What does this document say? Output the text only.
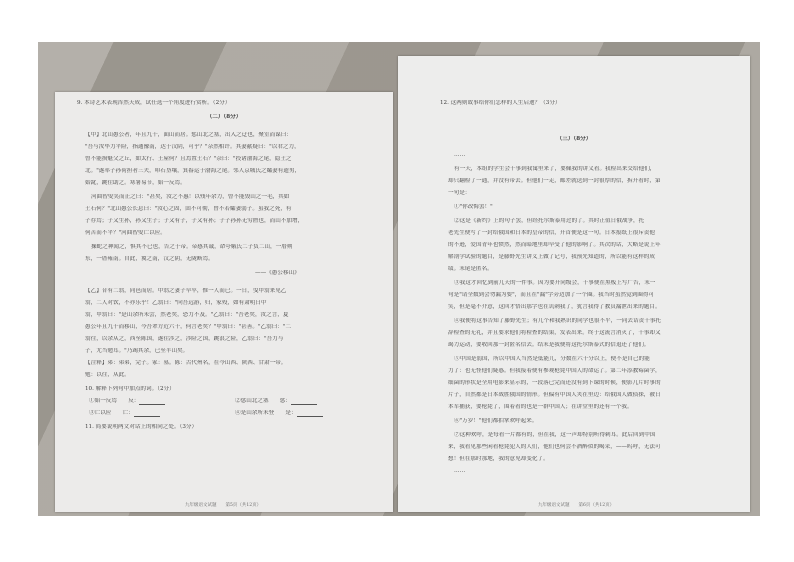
9. 本诗艺术表现浑然天成，试任选一个角度进行赏析。（2分）
（二）（8分）
【甲】北山愚公者，年且九十，面山而居。惩山北之塞，出入之迂也，聚室而谋曰：
"吾与汝毕力平险，指通豫南，达于汉阴，可乎？"杂然相许。其妻献疑曰："以君之力，
曾不能损魁父之丘，如太行、王屋何？且焉置土石？"杂曰："投诸渤海之尾，隐土之
北。"遂率子孙荷担者三夫，叩石垦壤，箕畚运于渤海之尾。邻人京城氏之孀妻有遗男，
始龀，跳往助之。寒暑易节，始一反焉。
河曲智叟笑而止之曰："甚矣，汝之不惠！以残年余力，曾不能毁山之一毛，其如
土石何？"北山愚公长息曰："汝心之固，固不可彻，曾不若孀妻弱子。虽我之死，有
子存焉；子又生孙，孙又生子；子又有子，子又有孙；子子孙孙无穷匮也，而山不加增，
何苦而不平？"河曲智叟亡以应。
操蛇之神闻之，惧其不已也，告之于帝。帝感其诚，命夸娥氏二子负二山，一厝朔
东，一厝雍南。自此，冀之南，汉之阴，无陇断焉。
——《愚公移山》
【乙】昔有二翁，同邑而居。甲翁之妻子早卒，惟一人而已。一日，曳甲翁来见乙
翁，二人对饮，不亦乐乎！乙翁曰："向吾远游，归，家殁，如有肃明日中
翁，甲翁曰："是山余所未尝，然老矣，恐力不及。"乙翁曰："吾老矣，汝之言，夏
愚公年且九十而移山，今吾辈方近六十，何言老矣？"甲翁曰："甚善。"乙翁曰："二
翁往，以余从之，西至陈国，遂往涉之，涉险之国，跳浪之险，乙翁曰："吾力与
子，尤当勉耳。"乃竭其余，已至半山矣。
【注释】弟：弟弟，完子。冢：墓。陈：古代州名，在今山西、陕西、甘肃一带。
勉：以往，从此。
10. 解释下列句中加点的词。（2分）
①始一反焉　　 反：	②惩山北之塞　　 惩：
③亡以应　　 亡：	④是山余所未登　　 是：
11. 简要说明两文对话上的相同之处。（3分）
九年级语文试题　　第5页（共12页）
12. 这两则故事给你们怎样的人生启迪？（3分）
（三）（8分）
……
有一天，本组的学生会干事到我寓里来了，要佩我的讲义看。我检出来交给他们，
却只翻检了一通，并没有带去。但他们一走，邮差就送到一封很厚的信，拆开看时，第
一句是：
①"你改悔罢！"
②这是《新约》上的句子罢，但经托尔斯泰用过的了。其时正值日俄战争，托
老先生便写了一封给俄国和日本的皇帝的信，开首便是这一句。日本报纸上很斥责他
的不逊，爱国青年也愤然，然而暗地里却早受了他的影响了。其次的话，大略是说上年
解剖学试验的题目，是藤野先生讲义上做了记号，我预先知道的，所以能有这样的成
绩。末尾是匿名。
③我这才回忆到前几天的一件事。因为要开同级会，干事便在黑板上写广告，末一
句是"请全数到会勿漏为要"，而且在"漏"字旁边加了一个圈。我当时虽然觉到圈得可
笑，但是毫不介意，这回才悟出那字也在讥刺我了，犹言我得了教员漏泄出来的题目。
④我便将这事告知了藤野先生；有几个和我熟识的同学也很不平，一同去诘责干事托
辞检查的无礼，并且要求他们将检查的结果，发表出来。终于这流言消灭了，干事却又
竭力运动，要收回那一封匿名信去。结末是我便将这托尔斯泰式的信退还了他们。
⑤中国是弱国，所以中国人当然是低能儿，分数在六十分以上，便不是自己的能
力了：也无怪他们疑惑。但我接着便有参观枪毙中国人的命运了。第二年添教霉菌学，
细菌的形状是全用电影来显示的，一段落已完而还没有到下课的时候，便影几片时事的
片子，自然都是日本战胜俄国的情形。但偏有中国人夹在里边：给俄国人做侦探，被日
本军捕获，要枪毙了，围着看的也是一群中国人；在讲堂里的还有一个我。
⑥"万岁！"他们都拍掌欢呼起来。
⑦这种欢呼，是每看一片都有的，但在我，这一声却特别听得刺耳。此后回到中国
来，我看见那些闲看枪毙犯人的人们，他们也何尝不酒醉似的喝采，——呜呼，无法可
想！但在那时那地，我的意见却变化了。
……
九年级语文试题　　第6页（共12页）
